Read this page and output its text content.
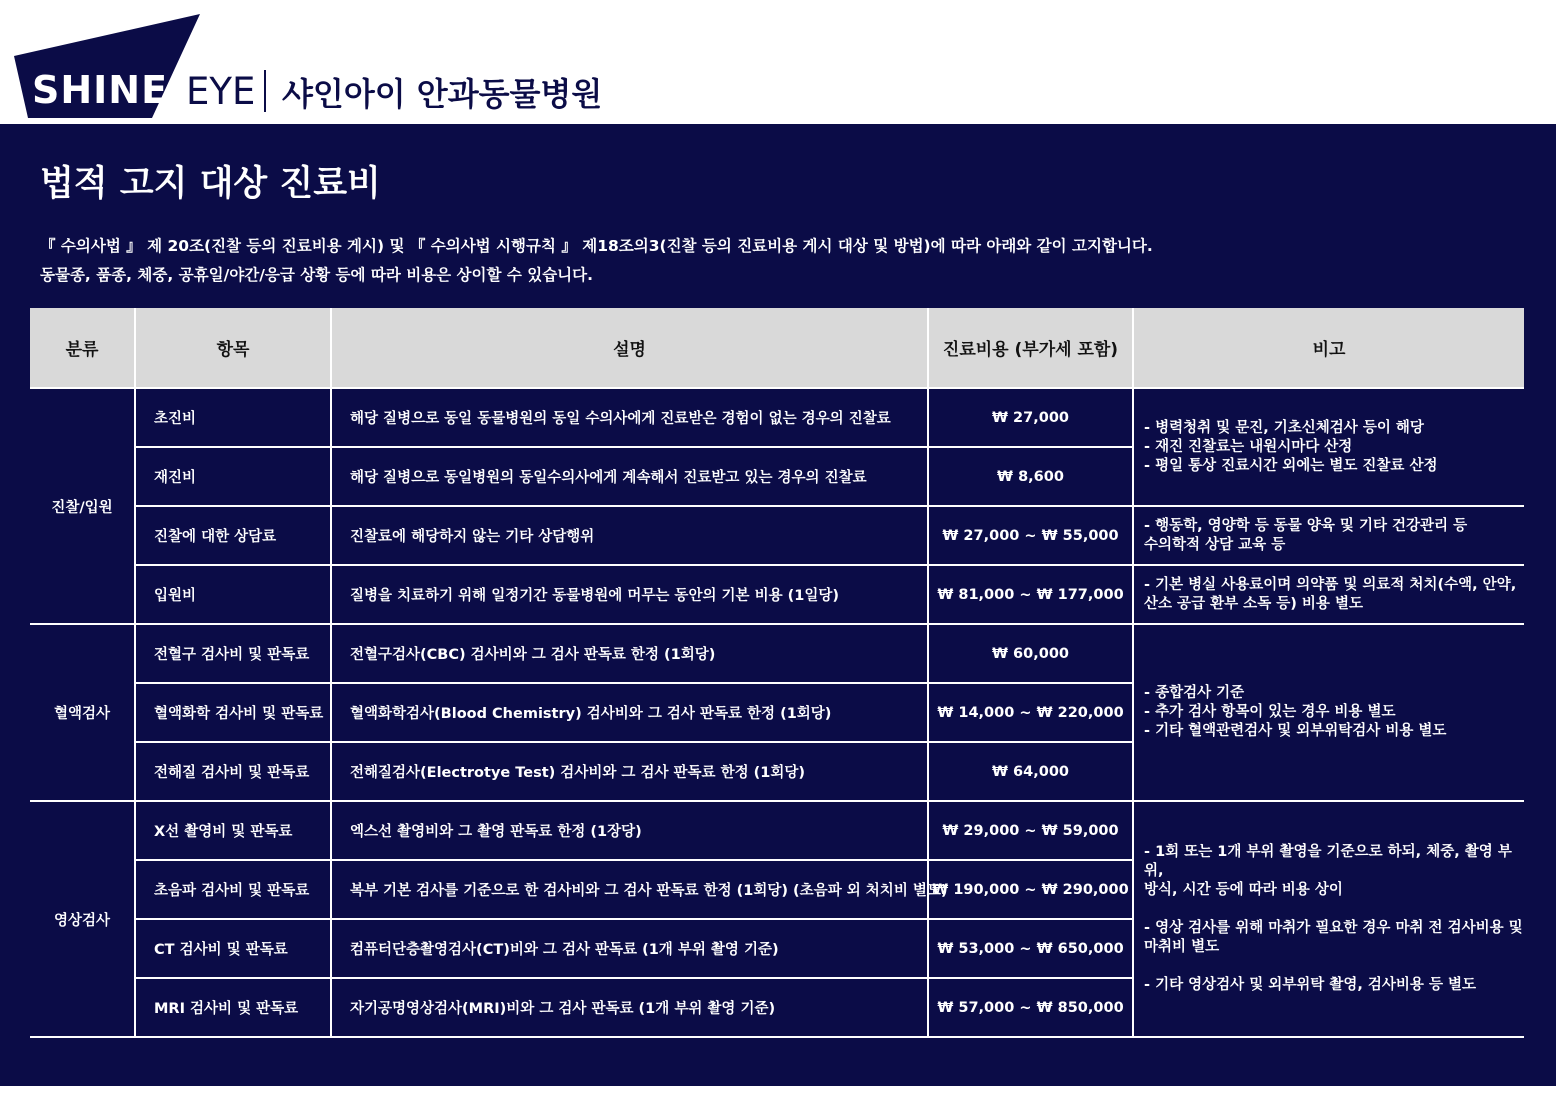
SHINE EYE 샤인아이 안과동물병원
법적 고지 대상 진료비
『 수의사법 』 제 20조(진찰 등의 진료비용 게시) 및 『 수의사법 시행규칙 』 제18조의3(진찰 등의 진료비용 게시 대상 및 방법)에 따라 아래와 같이 고지합니다.
동물종, 품종, 체중, 공휴일/야간/응급 상황 등에 따라 비용은 상이할 수 있습니다.
분류	항목	설명	진료비용 (부가세 포함)	비고
진찰/입원	초진비	해당 질병으로 동일 동물병원의 동일 수의사에게 진료받은 경험이 없는 경우의 진찰료	₩ 27,000	- 병력청취 및 문진, 기초신체검사 등이 해당
- 재진 진찰료는 내원시마다 산정
- 평일 통상 진료시간 외에는 별도 진찰료 산정

	재진비	해당 질병으로 동일병원의 동일수의사에게 계속해서 진료받고 있는 경우의 진찰료	₩ 8,600	
	진찰에 대한 상담료	진찰료에 해당하지 않는 기타 상담행위	₩ 27,000 ~ ₩ 55,000	- 행동학, 영양학 등 동물 양육 및 기타 건강관리 등
수의학적 상담 교육 등

	입원비	질병을 치료하기 위해 일정기간 동물병원에 머무는 동안의 기본 비용 (1일당)	₩ 81,000 ~ ₩ 177,000	- 기본 병실 사용료이며 의약품 및 의료적 처치(수액, 안약,
산소 공급 환부 소독 등) 비용 별도

혈액검사	전혈구 검사비 및 판독료	전혈구검사(CBC) 검사비와 그 검사 판독료 한정 (1회당)	₩ 60,000	- 종합검사 기준
- 추가 검사 항목이 있는 경우 비용 별도
- 기타 혈액관련검사 및 외부위탁검사 비용 별도

	혈액화학 검사비 및 판독료	혈액화학검사(Blood Chemistry) 검사비와 그 검사 판독료 한정 (1회당)	₩ 14,000 ~ ₩ 220,000	
	전해질 검사비 및 판독료	전해질검사(Electrotye Test) 검사비와 그 검사 판독료 한정 (1회당)	₩ 64,000	
영상검사	X선 촬영비 및 판독료	엑스선 촬영비와 그 촬영 판독료 한정 (1장당)	₩ 29,000 ~ ₩ 59,000	- 1회 또는 1개 부위 촬영을 기준으로 하되, 체중, 촬영 부위,
방식, 시간 등에 따라 비용 상이
- 영상 검사를 위해 마취가 필요한 경우 마취 전 검사비용 및
마취비 별도
- 기타 영상검사 및 외부위탁 촬영, 검사비용 등 별도

	초음파 검사비 및 판독료	복부 기본 검사를 기준으로 한 검사비와 그 검사 판독료 한정 (1회당) (초음파 외 처치비 별도)	₩ 190,000 ~ ₩ 290,000	
	CT 검사비 및 판독료	컴퓨터단층촬영검사(CT)비와 그 검사 판독료 (1개 부위 촬영 기준)	₩ 53,000 ~ ₩ 650,000	
	MRI 검사비 및 판독료	자기공명영상검사(MRI)비와 그 검사 판독료 (1개 부위 촬영 기준)	₩ 57,000 ~ ₩ 850,000	
